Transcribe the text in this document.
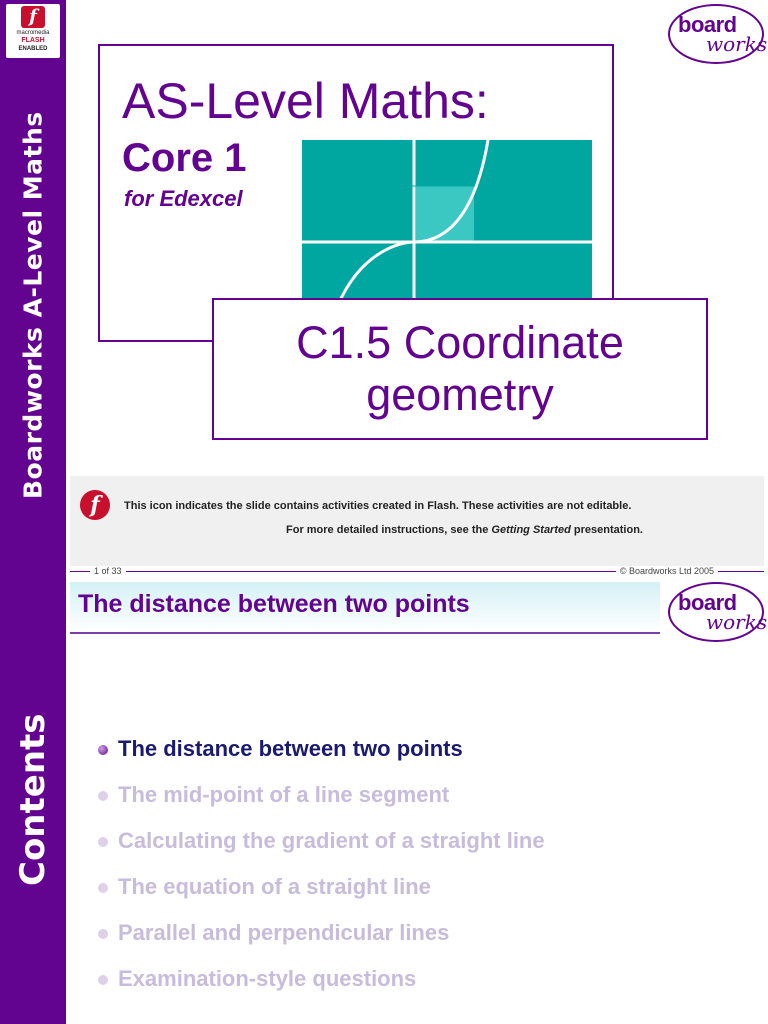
f
macromedia
FLASH
ENABLED
Boardworks A-Level Maths
board
works
AS-Level Maths:
Core 1
for Edexcel
C1.5 Coordinate
geometry
f	This icon indicates the slide contains activities created in Flash. These activities are not editable.
For more detailed instructions, see the Getting Started presentation.
1 of 33	© Boardworks Ltd 2005
Contents
The distance between two points	board
works
The distance between two points
The mid-point of a line segment
Calculating the gradient of a straight line
The equation of a straight line
Parallel and perpendicular lines
Examination-style questions
